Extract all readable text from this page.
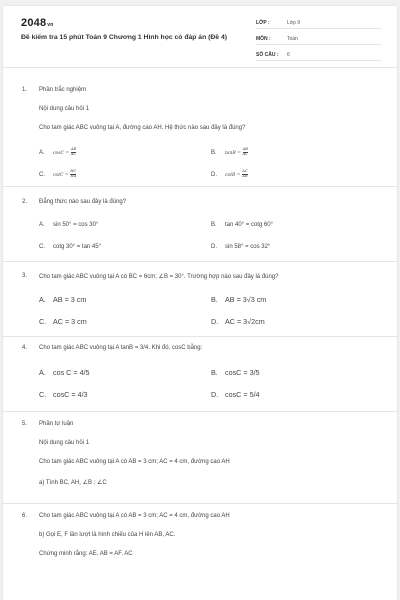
2048vn
Đề kiểm tra 15 phút Toán 9 Chương 1 Hình học có đáp án (Đề 4)
LỚP :	Lớp 9
MÔN :	Toán
SỐ CÂU : 6
1. Phần trắc nghiệm
Nội dung câu hỏi 1
Cho tam giác ABC vuông tại A, đường cao AH. Hệ thức nào sau đây là đúng?
A. $\cos C = \frac{AB}{AC}$	B. $\tan B = \frac{AB}{AC}$
C. $\cot C = \frac{HC}{HA}$	D. $\cot B = \frac{AC}{AB}$
2. Đẳng thức nào sau đây là đúng?
A. sin 50° = cos 30°	B. tan 40° = cotg 60°
C. cotg 30° = tan 45°	D. sin 58° = cos 32°
3. Cho tam giác ABC vuông tại A có BC = 6cm; ∠B = 30°. Trường hợp nào sau đây là đúng?
A. AB = 3 cm	B. AB = 3√3 cm
C. AC = 3 cm	D. AC = 3√2cm
4. Cho tam giác ABC vuông tại A tanB = 3/4. Khi đó, cosC bằng:
A. cos C = 4/5	B. cosC = 3/5
C. cosC = 4/3	D. cosC = 5/4
5. Phần tự luận
Nội dung câu hỏi 1
Cho tam giác ABC vuông tại A có AB = 3 cm; AC = 4 cm, đường cao AH
a) Tính BC, AH, ∠B ; ∠C
6. Cho tam giác ABC vuông tại A có AB = 3 cm; AC = 4 cm, đường cao AH
b) Gọi E, F lần lượt là hình chiếu của H lên AB, AC.
Chứng minh rằng: AE. AB = AF. AC
